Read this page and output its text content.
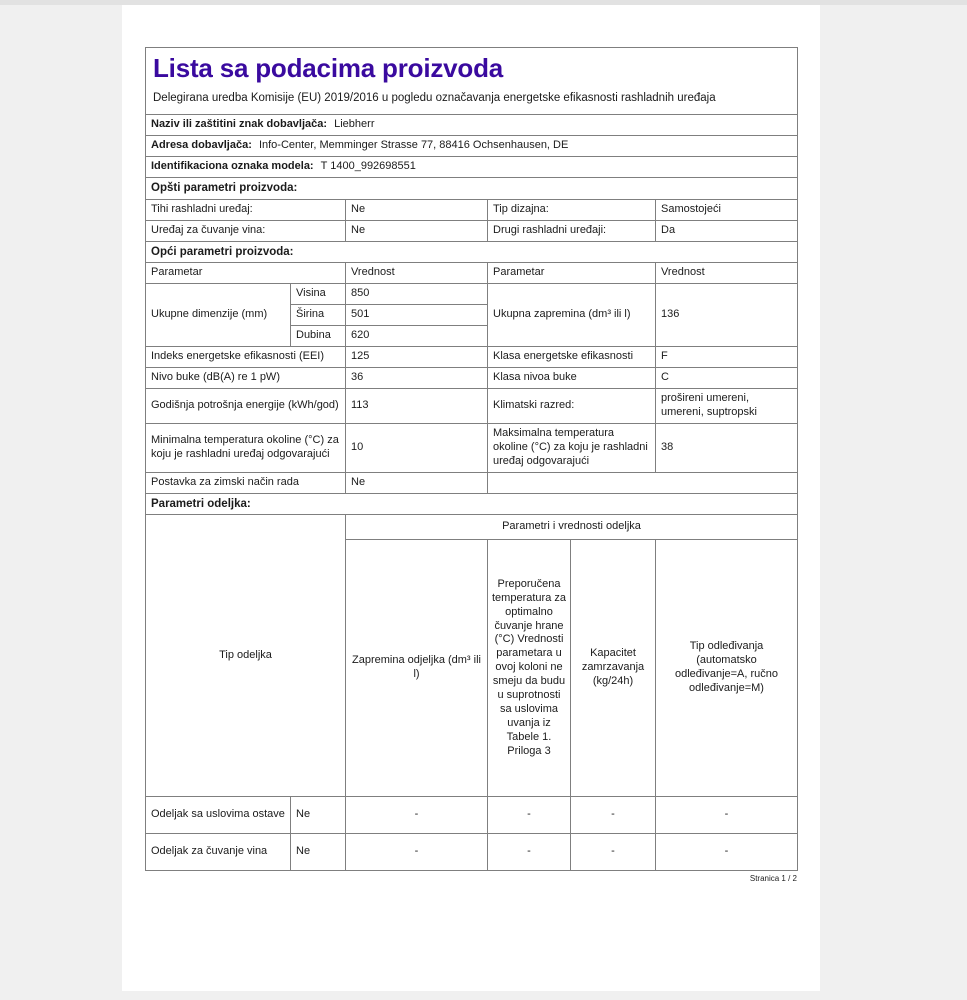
Lista sa podacima proizvoda
Delegirana uredba Komisije (EU) 2019/2016 u pogledu označavanja energetske efikasnosti rashladnih uređaja					

Naziv ili zaštitini znak dobavljača: Liebherr					
Adresa dobavljača: Info-Center, Memminger Strasse 77, 88416 Ochsenhausen, DE					
Identifikaciona oznaka modela: T 1400_992698551					
Opšti parametri proizvoda:					
Tihi rashladni uređaj:		Ne	Tip dizajna:		Samostojeći
Uređaj za čuvanje vina:		Ne	Drugi rashladni uređaji:		Da
Opći parametri proizvoda:					
Parametar		Vrednost	Parametar		Vrednost
Ukupne dimenzije (mm)	Visina	850	Ukupna zapremina (dm³ ili l)		136
	Širina	501			
	Dubina	620			
Indeks energetske efikasnosti (EEI)		125	Klasa energetske efikasnosti		F
Nivo buke (dB(A) re 1 pW)		36	Klasa nivoa buke		C
Godišnja potrošnja energije (kWh/god)		113	Klimatski razred:		prošireni umereni, umereni, suptropski
Minimalna temperatura okoline (°C) za koju je rashladni uređaj odgovarajući		10	Maksimalna temperatura okoline (°C) za koju je rashladni uređaj odgovarajući		38
Postavka za zimski način rada		Ne			
Parametri odeljka:					
Tip odeljka		Parametri i vrednosti odeljka			
		Zapremina odjeljka (dm³ ili l)	Preporučena temperatura za optimalno čuvanje hrane (°C) Vrednosti parametara u ovoj koloni ne smeju da budu u suprotnosti sa uslovima uvanja iz Tabele 1. Priloga 3	Kapacitet zamrzavanja (kg/24h)	Tip odleđivanja (automatsko odleđivanje=A, ručno odleđivanje=M)
Odeljak sa uslovima ostave	Ne	-	-	-	-
Odeljak za čuvanje vina	Ne	-	-	-	-
Stranica 1 / 2
